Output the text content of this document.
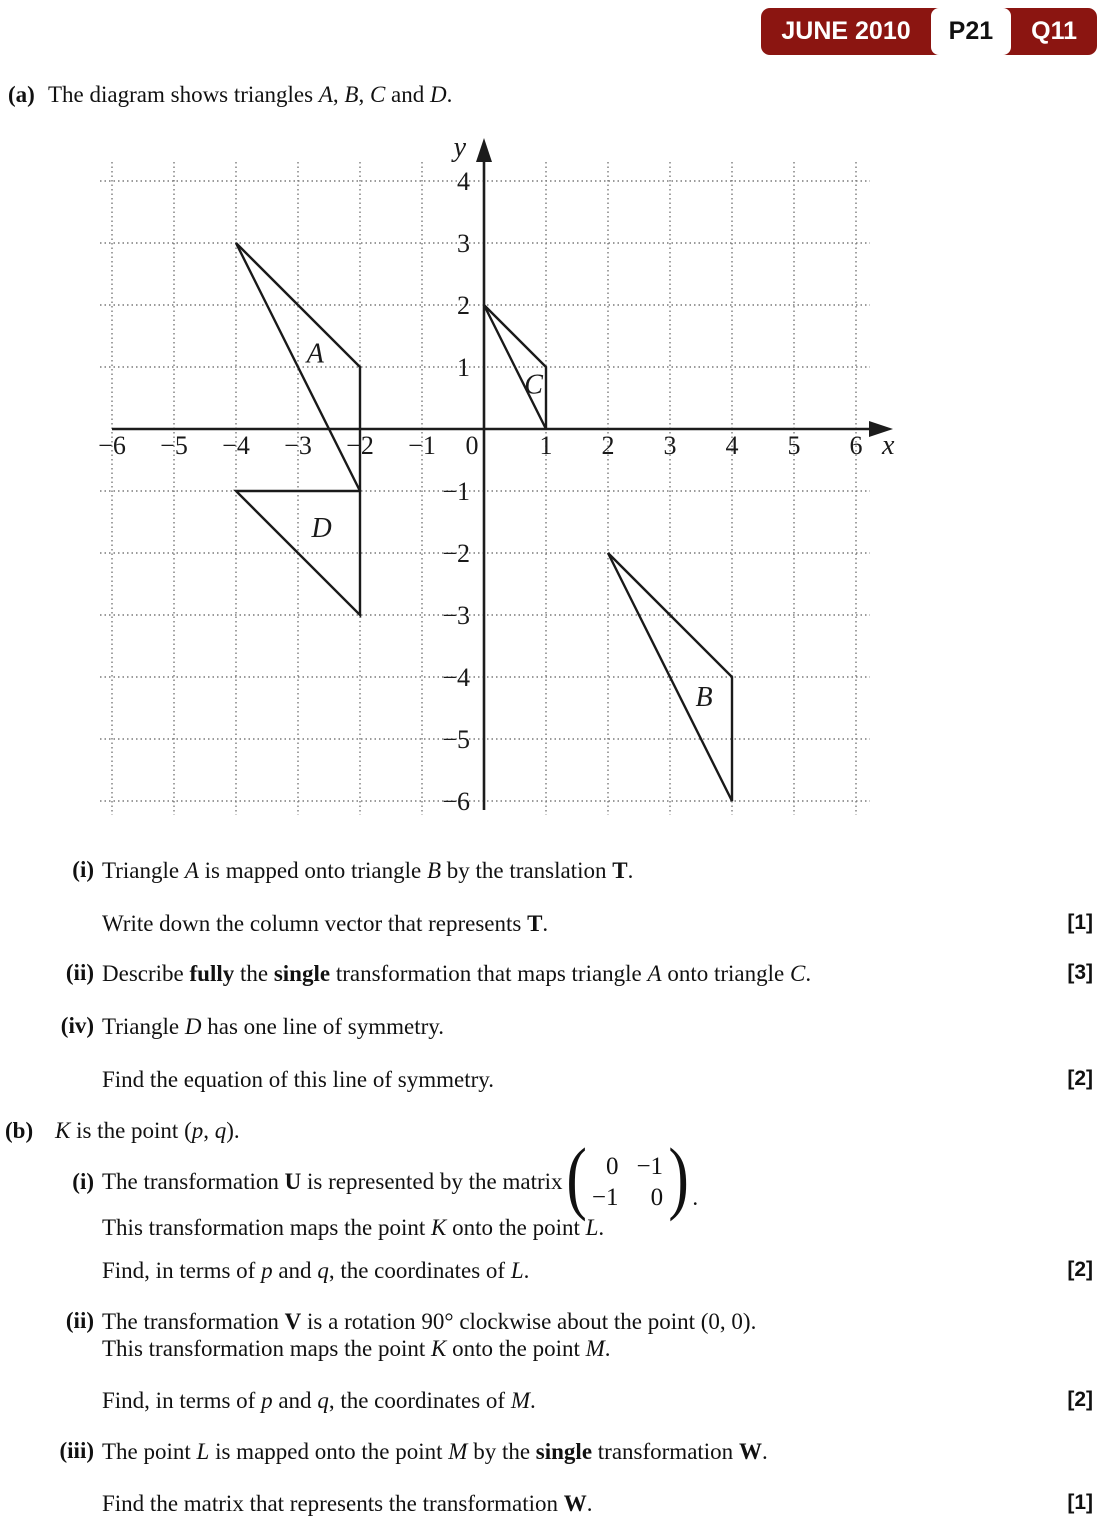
JUNE 2010	P21	Q11
(a) The diagram shows triangles A, B, C and D.
−6 −5 −4 −3 −2 −1 0 1 2 3 4 5 6
4
3
2
1
−1
−2
−3
−4
−5
−6
y
x
A
B
C
D
(i) Triangle A is mapped onto triangle B by the translation T.
Write down the column vector that represents T.	[1]
(ii) Describe fully the single transformation that maps triangle A onto triangle C.	[3]
(iv) Triangle D has one line of symmetry.
Find the equation of this line of symmetry.	[2]
(b) K is the point (p, q).
(i) The transformation U is represented by the matrix ( 0 −1
−1 0 ) .
This transformation maps the point K onto the point L.
Find, in terms of p and q, the coordinates of L.	[2]
(ii) The transformation V is a rotation 90° clockwise about the point (0, 0).
This transformation maps the point K onto the point M.
Find, in terms of p and q, the coordinates of M.	[2]
(iii) The point L is mapped onto the point M by the single transformation W.
Find the matrix that represents the transformation W.	[1]
